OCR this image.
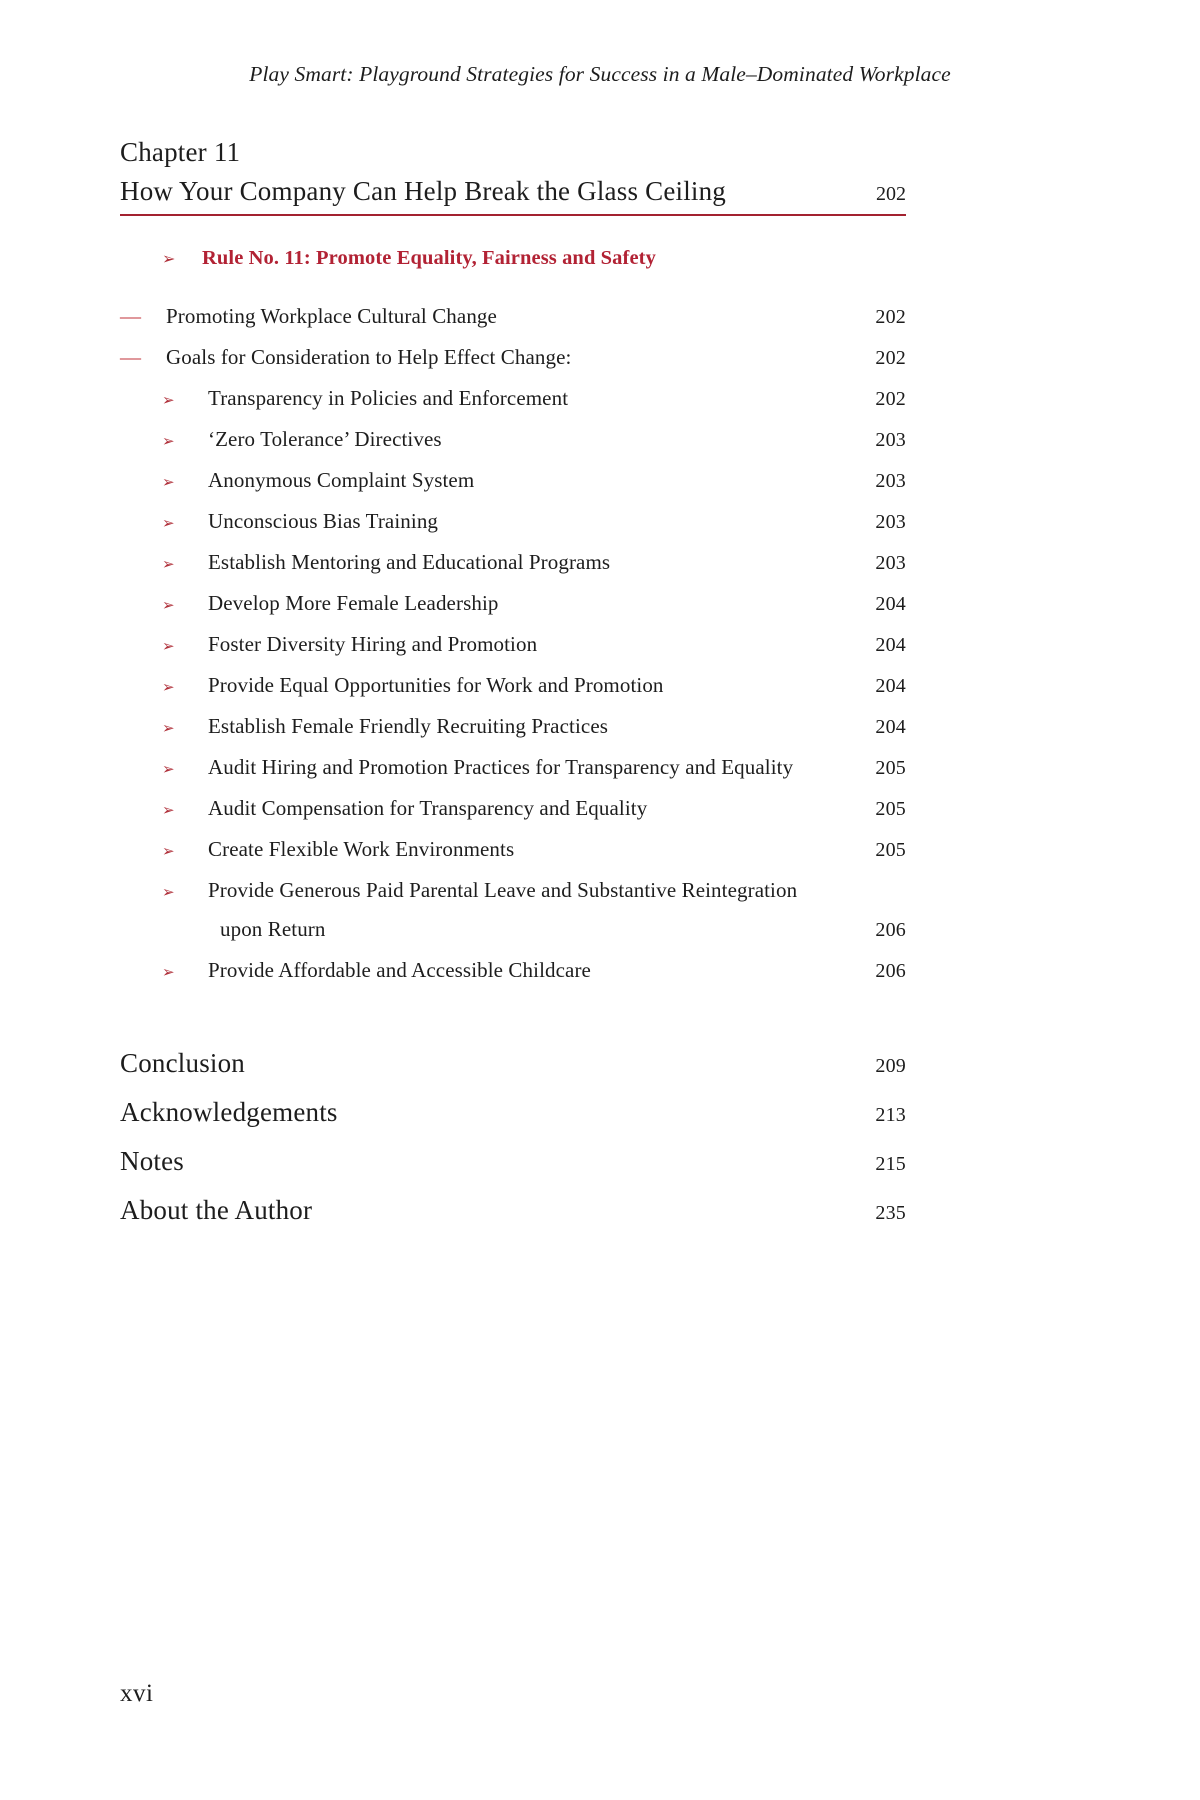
Play Smart: Playground Strategies for Success in a Male–Dominated Workplace
Chapter 11
How Your Company Can Help Break the Glass Ceiling	202
➢	Rule No. 11: Promote Equality, Fairness and Safety
—	Promoting Workplace Cultural Change	202
—	Goals for Consideration to Help Effect Change:	202
➢	Transparency in Policies and Enforcement	202
➢	‘Zero Tolerance’ Directives	203
➢	Anonymous Complaint System	203
➢	Unconscious Bias Training	203
➢	Establish Mentoring and Educational Programs	203
➢	Develop More Female Leadership	204
➢	Foster Diversity Hiring and Promotion	204
➢	Provide Equal Opportunities for Work and Promotion	204
➢	Establish Female Friendly Recruiting Practices	204
➢	Audit Hiring and Promotion Practices for Transparency and Equality	205
➢	Audit Compensation for Transparency and Equality	205
➢	Create Flexible Work Environments	205
➢	Provide Generous Paid Parental Leave and Substantive Reintegration
upon Return	206
➢	Provide Affordable and Accessible Childcare	206
Conclusion	209
Acknowledgements	213
Notes	215
About the Author	235
xvi
